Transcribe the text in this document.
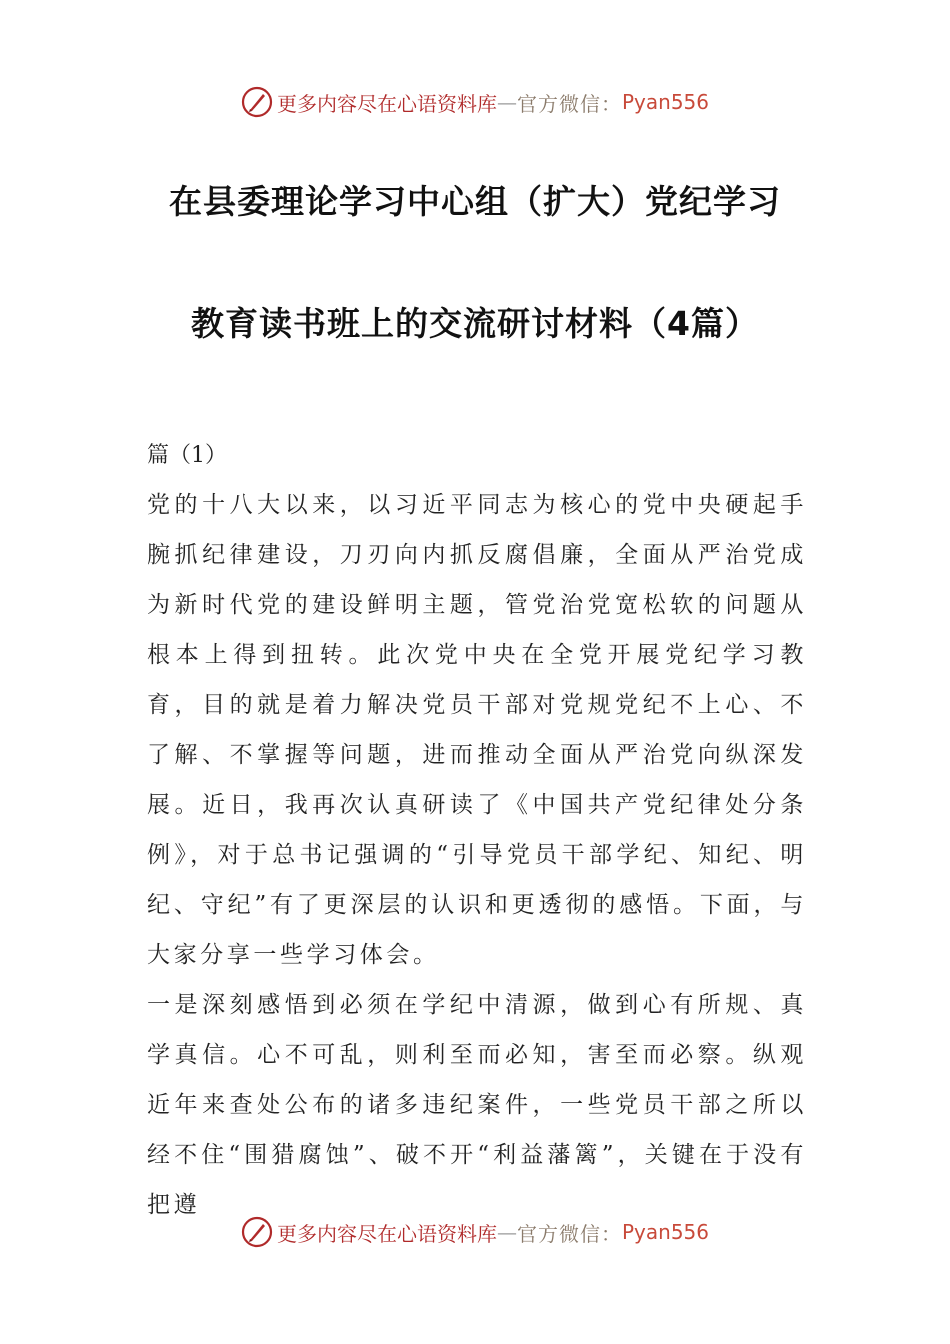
更多内容尽在心语资料库 — 官方微信： Pyan556
在县委理论学习中心组（扩大）党纪学习
教育读书班上的交流研讨材料（4篇）
篇（1）

党的十八大以来，以习近平同志为核心的党中央硬起手腕抓纪律建设，刀刃向内抓反腐倡廉，全面从严治党成为新时代党的建设鲜明主题，管党治党宽松软的问题从根本上得到扭转。此次党中央在全党开展党纪学习教育，目的就是着力解决党员干部对党规党纪不上心、不了解、不掌握等问题，进而推动全面从严治党向纵深发展。近日，我再次认真研读了《中国共产党纪律处分条例》，对于总书记强调的“引导党员干部学纪、知纪、明纪、守纪”有了更深层的认识和更透彻的感悟。下面，与大家分享一些学习体会。

一是深刻感悟到必须在学纪中清源，做到心有所规、真学真信。心不可乱，则利至而必知，害至而必察。纵观近年来查处公布的诸多违纪案件，一些党员干部之所以经不住“围猎腐蚀”、破不开“利益藩篱”，关键在于没有把遵

更多内容尽在心语资料库 — 官方微信： Pyan556
